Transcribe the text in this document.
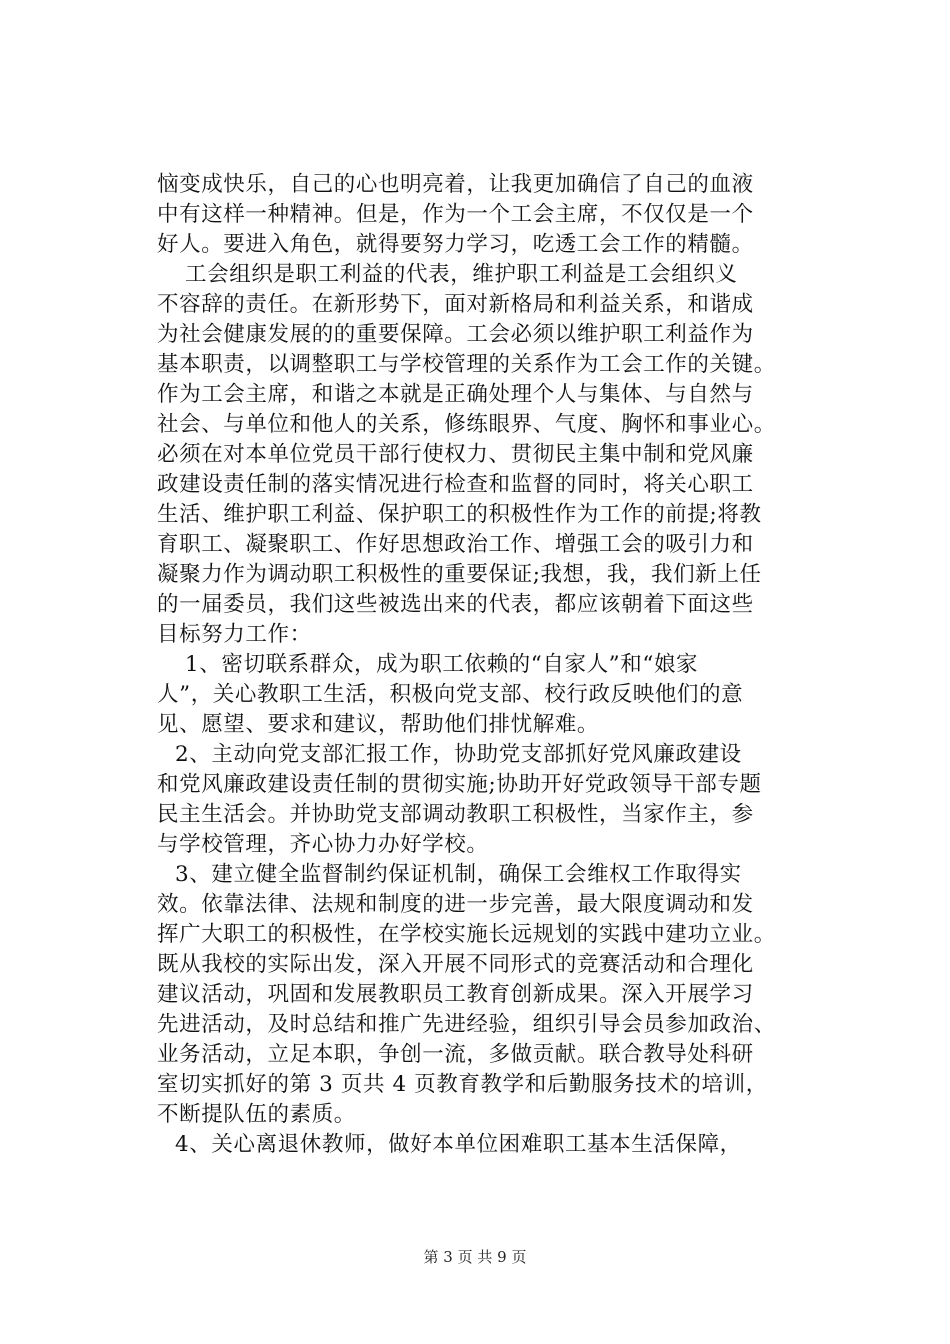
恼变成快乐，自己的心也明亮着，让我更加确信了自己的血液
中有这样一种精神。但是，作为一个工会主席，不仅仅是一个
好人。要进入角色，就得要努力学习，吃透工会工作的精髓。
工会组织是职工利益的代表，维护职工利益是工会组织义
不容辞的责任。在新形势下，面对新格局和利益关系，和谐成
为社会健康发展的的重要保障。工会必须以维护职工利益作为
基本职责，以调整职工与学校管理的关系作为工会工作的关键。
作为工会主席，和谐之本就是正确处理个人与集体、与自然与
社会、与单位和他人的关系，修练眼界、气度、胸怀和事业心。
必须在对本单位党员干部行使权力、贯彻民主集中制和党风廉
政建设责任制的落实情况进行检查和监督的同时，将关心职工
生活、维护职工利益、保护职工的积极性作为工作的前提;将教
育职工、凝聚职工、作好思想政治工作、增强工会的吸引力和
凝聚力作为调动职工积极性的重要保证;我想，我，我们新上任
的一届委员，我们这些被选出来的代表，都应该朝着下面这些
目标努力工作：
1、密切联系群众，成为职工依赖的“自家人”和“娘家
人”，关心教职工生活，积极向党支部、校行政反映他们的意
见、愿望、要求和建议，帮助他们排忧解难。
2、主动向党支部汇报工作，协助党支部抓好党风廉政建设
和党风廉政建设责任制的贯彻实施;协助开好党政领导干部专题
民主生活会。并协助党支部调动教职工积极性，当家作主，参
与学校管理，齐心协力办好学校。
3、建立健全监督制约保证机制，确保工会维权工作取得实
效。依靠法律、法规和制度的进一步完善，最大限度调动和发
挥广大职工的积极性，在学校实施长远规划的实践中建功立业。
既从我校的实际出发，深入开展不同形式的竞赛活动和合理化
建议活动，巩固和发展教职员工教育创新成果。深入开展学习
先进活动，及时总结和推广先进经验，组织引导会员参加政治、
业务活动，立足本职，争创一流，多做贡献。联合教导处科研
室切实抓好的第 3 页共 4 页教育教学和后勤服务技术的培训，
不断提队伍的素质。
4、关心离退休教师，做好本单位困难职工基本生活保障，
第 3 页 共 9 页
